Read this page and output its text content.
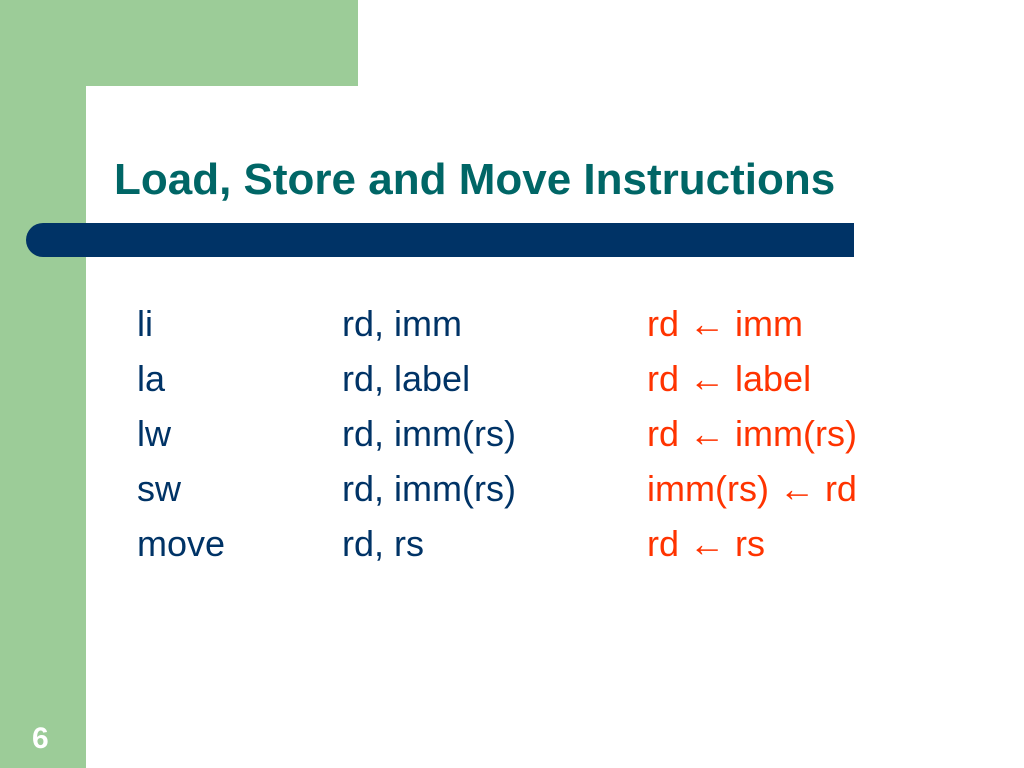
Load, Store and Move Instructions
li	rd, imm	rd ← imm
la	rd, label	rd ← label
lw	rd, imm(rs)	rd ← imm(rs)
sw	rd, imm(rs)	imm(rs) ← rd
move	rd, rs	rd ← rs
6
